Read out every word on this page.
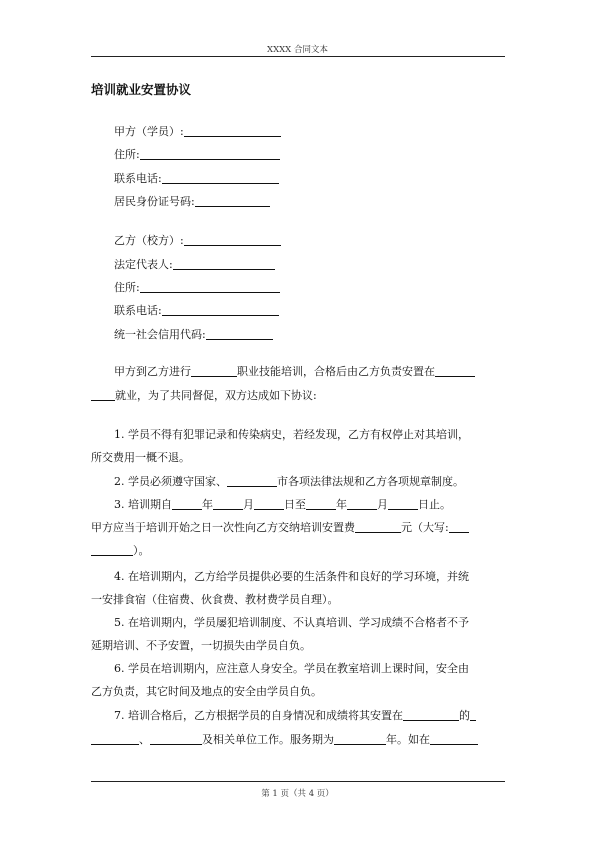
XXXX 合同文本
培训就业安置协议
甲方（学员）:
住所:
联系电话:
居民身份证号码:
乙方（校方）:
法定代表人:
住所:
联系电话:
统一社会信用代码:
甲方到乙方进行	职业技能培训，合格后由乙方负责安置在
就业，为了共同督促，双方达成如下协议:
1. 学员不得有犯罪记录和传染病史，若经发现，乙方有权停止对其培训，
所交费用一概不退。
2. 学员必须遵守国家、	市各项法律法规和乙方各项规章制度。
3. 培训期自	年	月	日至	年	月	日止。
甲方应当于培训开始之日一次性向乙方交纳培训安置费	元（大写:
）。
4. 在培训期内，乙方给学员提供必要的生活条件和良好的学习环境，并统
一安排食宿（住宿费、伙食费、教材费学员自理）。
5. 在培训期内，学员屡犯培训制度、不认真培训、学习成绩不合格者不予
延期培训、不予安置，一切损失由学员自负。
6. 学员在培训期内，应注意人身安全。学员在教室培训上课时间，安全由
乙方负责，其它时间及地点的安全由学员自负。
7. 培训合格后，乙方根据学员的自身情况和成绩将其安置在	的
、	及相关单位工作。服务期为	年。如在
第 1 页（共 4 页）
